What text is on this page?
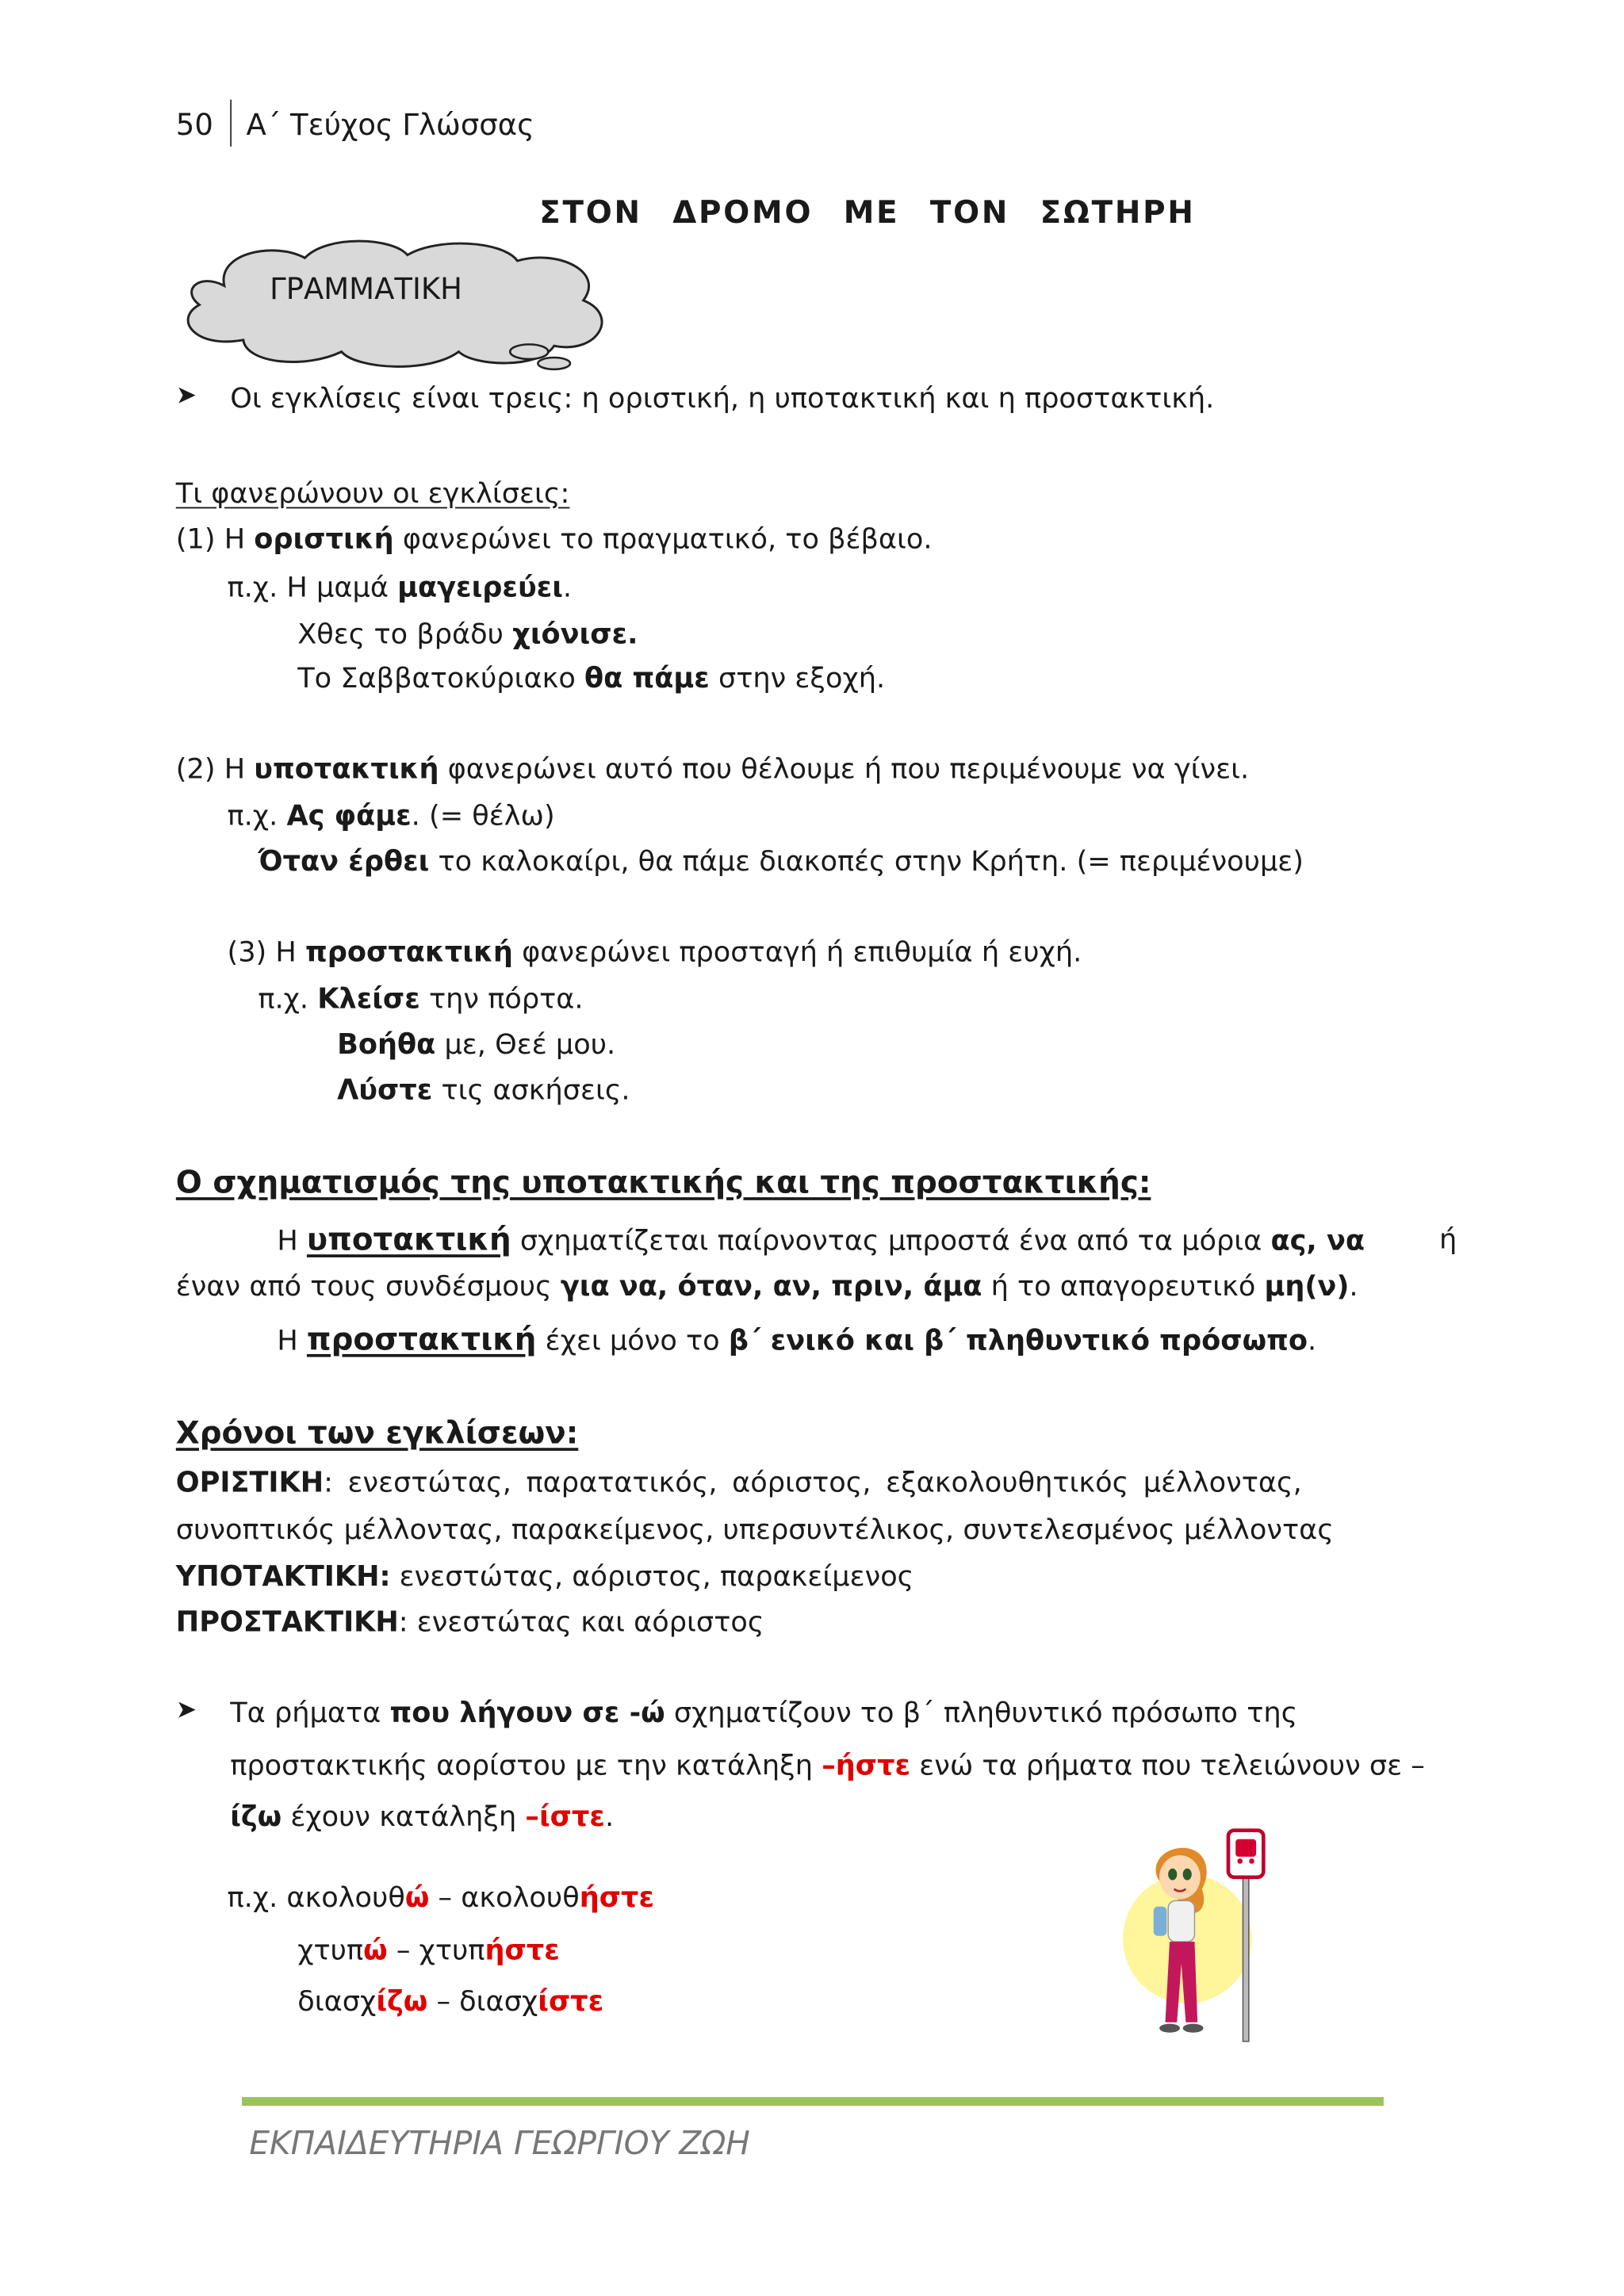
50 Α΄ Τεύχος Γλώσσας
ΣΤΟΝ ΔΡΟΜΟ ΜΕ ΤΟΝ ΣΩΤΗΡΗ
ΓΡΑΜΜΑΤΙΚΗ
➤ Οι εγκλίσεις είναι τρεις: η οριστική, η υποτακτική και η προστακτική.
Τι φανερώνουν οι εγκλίσεις:
(1) Η οριστική φανερώνει το πραγματικό, το βέβαιο.
π.χ. Η μαμά μαγειρεύει.
Χθες το βράδυ χιόνισε.
Το Σαββατοκύριακο θα πάμε στην εξοχή.
(2) Η υποτακτική φανερώνει αυτό που θέλουμε ή που περιμένουμε να γίνει.
π.χ. Ας φάμε. (= θέλω)
Όταν έρθει το καλοκαίρι, θα πάμε διακοπές στην Κρήτη. (= περιμένουμε)
(3) Η προστακτική φανερώνει προσταγή ή επιθυμία ή ευχή.
π.χ. Κλείσε την πόρτα.
Βοήθα με, Θεέ μου.
Λύστε τις ασκήσεις.
Ο σχηματισμός της υποτακτικής και της προστακτικής:
Η υποτακτική σχηματίζεται παίρνοντας μπροστά ένα από τα μόρια ας, να	ή
έναν από τους συνδέσμους για να, όταν, αν, πριν, άμα ή το απαγορευτικό μη(ν).
Η προστακτική έχει μόνο το β΄ ενικό και β΄ πληθυντικό πρόσωπο.
Χρόνοι των εγκλίσεων:
ΟΡΙΣΤΙΚΗ: ενεστώτας, παρατατικός, αόριστος, εξακολουθητικός μέλλοντας,
συνοπτικός μέλλοντας, παρακείμενος, υπερσυντέλικος, συντελεσμένος μέλλοντας
ΥΠΟΤΑΚΤΙΚΗ: ενεστώτας, αόριστος, παρακείμενος
ΠΡΟΣΤΑΚΤΙΚΗ: ενεστώτας και αόριστος
➤ Τα ρήματα που λήγουν σε -ώ σχηματίζουν το β΄ πληθυντικό πρόσωπο της
προστακτικής αορίστου με την κατάληξη –ήστε ενώ τα ρήματα που τελειώνουν σε –
ίζω έχουν κατάληξη –ίστε.
π.χ. ακολουθώ – ακολουθήστε
χτυπώ – χτυπήστε
διασχίζω – διασχίστε
ΕΚΠΑΙΔΕΥΤΗΡΙΑ ΓΕΩΡΓΙΟΥ ΖΩΗ
